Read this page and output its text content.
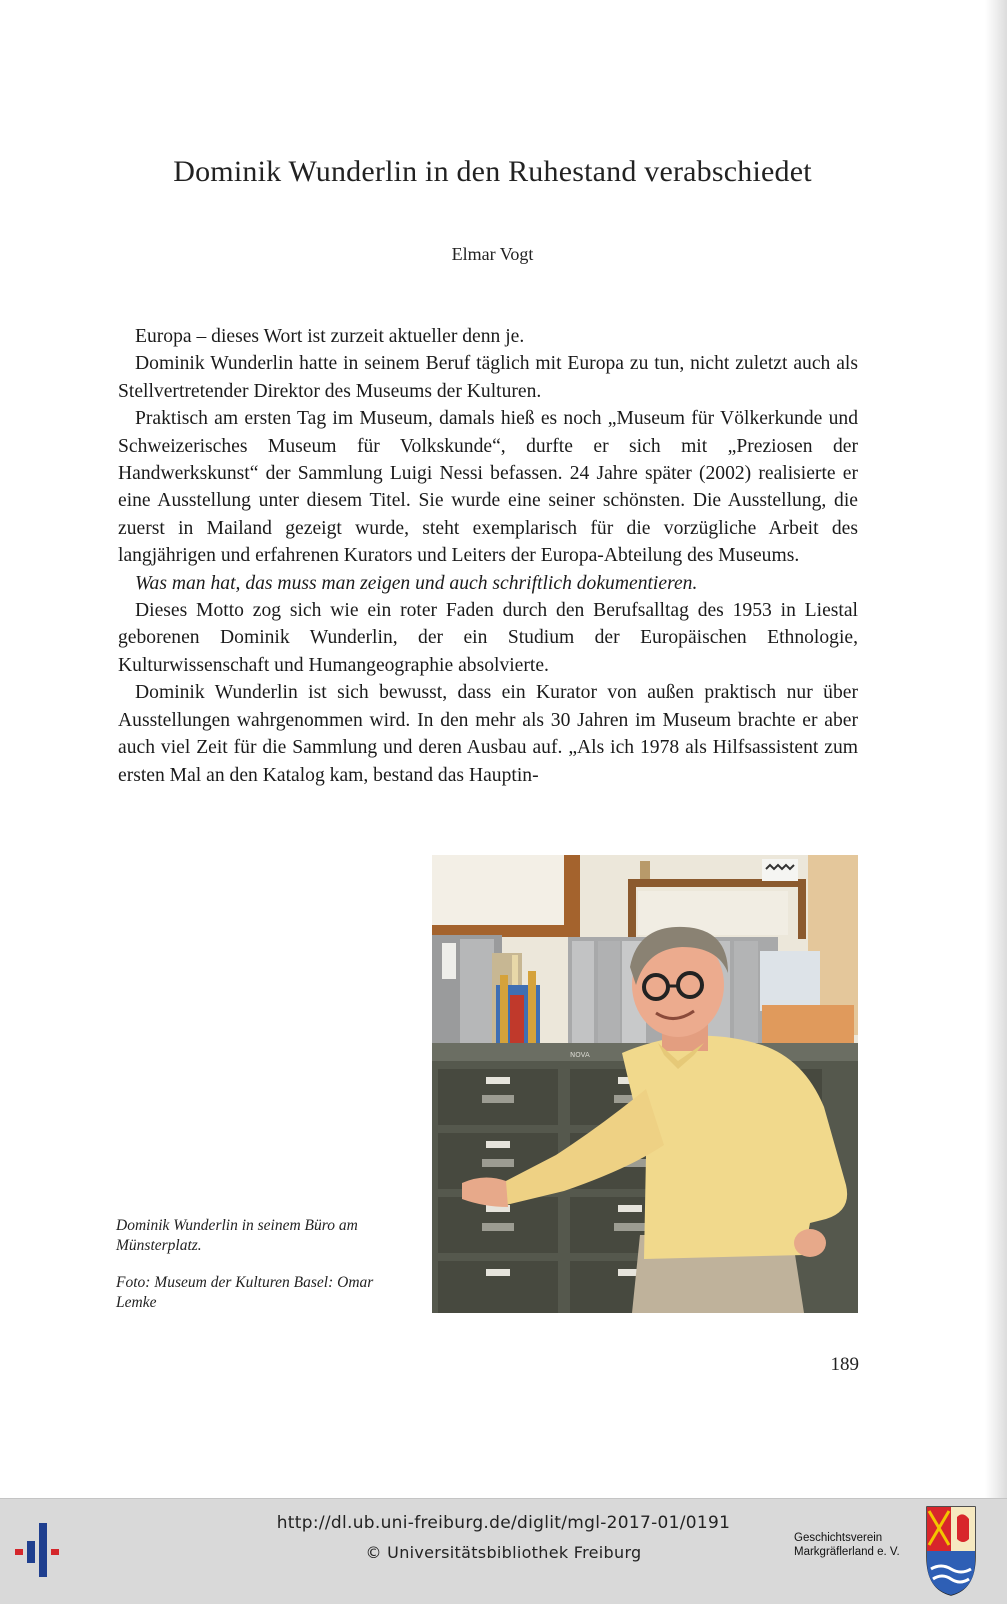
Dominik Wunderlin in den Ruhestand verabschiedet
Elmar Vogt

Europa – dieses Wort ist zurzeit aktueller denn je.

Dominik Wunderlin hatte in seinem Beruf täglich mit Europa zu tun, nicht zuletzt auch als Stellvertretender Direktor des Museums der Kulturen.

Praktisch am ersten Tag im Museum, damals hieß es noch „Museum für Völkerkunde und Schweizerisches Museum für Volkskunde“, durfte er sich mit „Preziosen der Handwerkskunst“ der Sammlung Luigi Nessi befassen. 24 Jahre später (2002) realisierte er eine Ausstellung unter diesem Titel. Sie wurde eine seiner schönsten. Die Ausstellung, die zuerst in Mailand gezeigt wurde, steht exemplarisch für die vorzügliche Arbeit des langjährigen und erfahrenen Kurators und Leiters der Europa-Abteilung des Museums.

Was man hat, das muss man zeigen und auch schriftlich dokumentieren.

Dieses Motto zog sich wie ein roter Faden durch den Berufsalltag des 1953 in Liestal geborenen Dominik Wunderlin, der ein Studium der Europäischen Ethnologie, Kulturwissenschaft und Humangeographie absolvierte.

Dominik Wunderlin ist sich bewusst, dass ein Kurator von außen praktisch nur über Ausstellungen wahrgenommen wird. In den mehr als 30 Jahren im Museum brachte er aber auch viel Zeit für die Sammlung und deren Ausbau auf. „Als ich 1978 als Hilfsassistent zum ersten Mal an den Katalog kam, bestand das Hauptin-

NOVA

Dominik Wunderlin in seinem Büro am Münsterplatz.

Foto: Museum der Kulturen Basel: Omar Lemke

189
http://dl.ub.uni-freiburg.de/diglit/mgl-2017-01/0191
© Universitätsbibliothek Freiburg
Geschichtsverein
Markgräflerland e. V.
